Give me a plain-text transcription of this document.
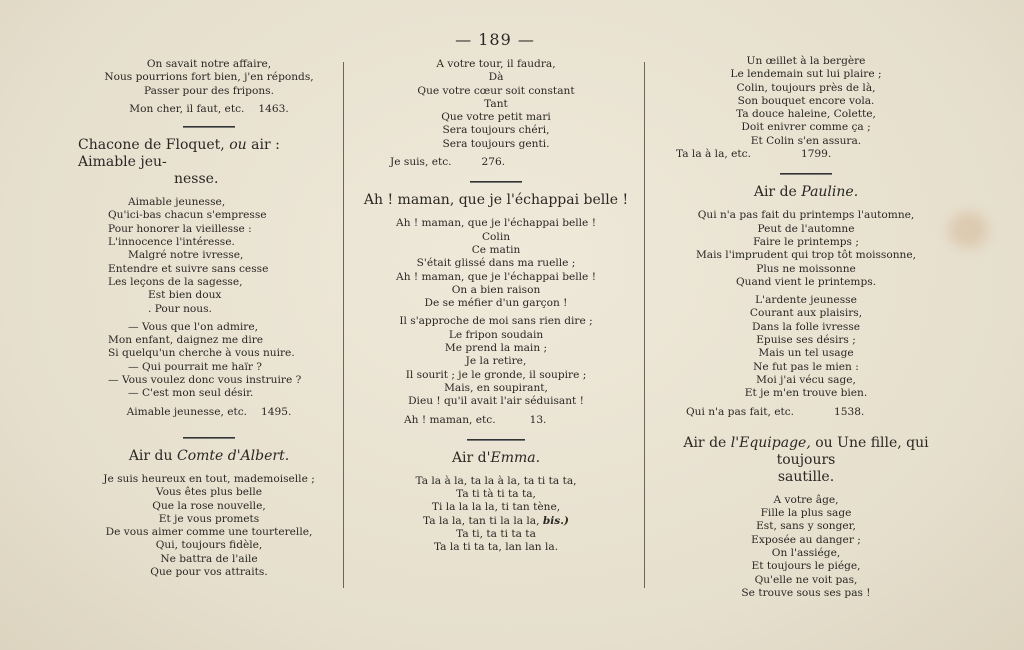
— 189 —
On savait notre affaire,
Nous pourrions fort bien, j'en réponds,
Passer pour des fripons.
Mon cher, il faut, etc. 1463.
Chacone de Floquet, ou air : Aimable jeu-
nesse.
Aimable jeunesse,
Qu'ici-bas chacun s'empresse
Pour honorer la vieillesse :
L'innocence l'intéresse.
Malgré notre ivresse,
Entendre et suivre sans cesse
Les leçons de la sagesse,
Est bien doux
. Pour nous.
— Vous que l'on admire,
Mon enfant, daignez me dire
Si quelqu'un cherche à vous nuire.
— Qui pourrait me haïr ?
— Vous voulez donc vous instruire ?
— C'est mon seul désir.
Aimable jeunesse, etc. 1495.
Air du Comte d'Albert.
Je suis heureux en tout, mademoiselle ;
Vous êtes plus belle
Que la rose nouvelle,
Et je vous promets
De vous aimer comme une tourterelle,
Qui, toujours fidèle,
Ne battra de l'aile
Que pour vos attraits.
A votre tour, il faudra,
Dà
Que votre cœur soit constant
Tant
Que votre petit mari
Sera toujours chéri,
Sera toujours genti.
Je suis, etc.	276.
Ah ! maman, que je l'échappai belle !
Ah ! maman, que je l'échappai belle !
Colin
Ce matin
S'était glissé dans ma ruelle ;
Ah ! maman, que je l'échappai belle !
On a bien raison
De se méfier d'un garçon !
Il s'approche de moi sans rien dire ;
Le fripon soudain
Me prend la main ;
Je la retire,
Il sourit ; je le gronde, il soupire ;
Mais, en soupirant,
Dieu ! qu'il avait l'air séduisant !
Ah ! maman, etc.	13.
Air d'Emma.
Ta la à la, ta la à la, ta ti ta ta,
Ta ti tà ti ta ta,
Ti la la la la, ti tan tène,
Ta la la, tan ti la la la, bis.)
Ta ti, ta ti ta ta
Ta la ti ta ta, lan lan la.
Un œillet à la bergère
Le lendemain sut lui plaire ;
Colin, toujours près de là,
Son bouquet encore vola.
Ta douce haleine, Colette,
Doit enivrer comme ça ;
Et Colin s'en assura.
Ta la à la, etc.	1799.
Air de Pauline.
Qui n'a pas fait du printemps l'automne,
Peut de l'automne
Faire le printemps ;
Mais l'imprudent qui trop tôt moissonne,
Plus ne moissonne
Quand vient le printemps.
L'ardente jeunesse
Courant aux plaisirs,
Dans la folle ivresse
Epuise ses désirs ;
Mais un tel usage
Ne fut pas le mien :
Moi j'ai vécu sage,
Et je m'en trouve bien.
Qui n'a pas fait, etc.	1538.
Air de l'Equipage, ou Une fille, qui toujours
sautille.
A votre âge,
Fille la plus sage
Est, sans y songer,
Exposée au danger ;
On l'assiége,
Et toujours le piége,
Qu'elle ne voit pas,
Se trouve sous ses pas !
